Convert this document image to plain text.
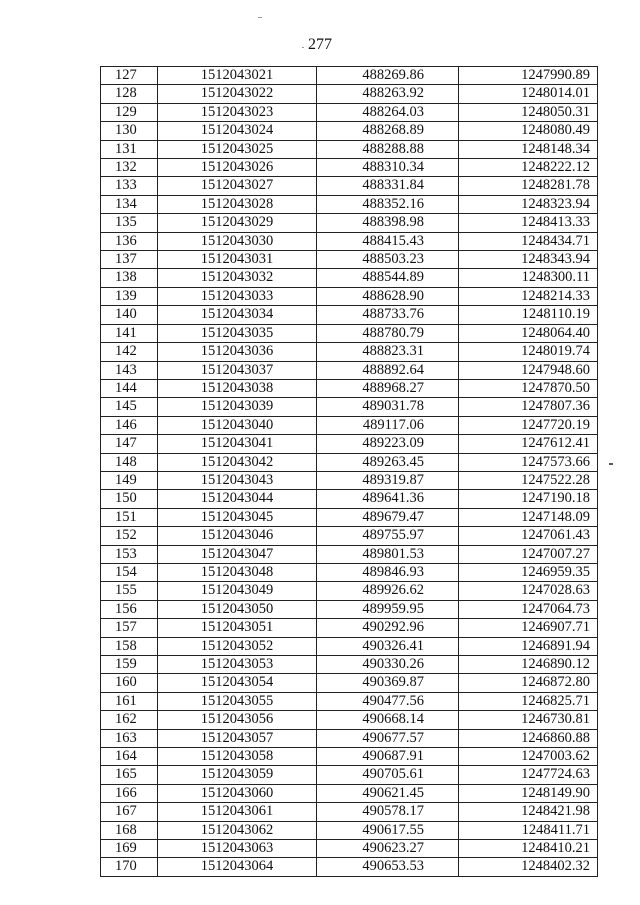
277
127	1512043021	488269.86	1247990.89
128	1512043022	488263.92	1248014.01
129	1512043023	488264.03	1248050.31
130	1512043024	488268.89	1248080.49
131	1512043025	488288.88	1248148.34
132	1512043026	488310.34	1248222.12
133	1512043027	488331.84	1248281.78
134	1512043028	488352.16	1248323.94
135	1512043029	488398.98	1248413.33
136	1512043030	488415.43	1248434.71
137	1512043031	488503.23	1248343.94
138	1512043032	488544.89	1248300.11
139	1512043033	488628.90	1248214.33
140	1512043034	488733.76	1248110.19
141	1512043035	488780.79	1248064.40
142	1512043036	488823.31	1248019.74
143	1512043037	488892.64	1247948.60
144	1512043038	488968.27	1247870.50
145	1512043039	489031.78	1247807.36
146	1512043040	489117.06	1247720.19
147	1512043041	489223.09	1247612.41
148	1512043042	489263.45	1247573.66
149	1512043043	489319.87	1247522.28
150	1512043044	489641.36	1247190.18
151	1512043045	489679.47	1247148.09
152	1512043046	489755.97	1247061.43
153	1512043047	489801.53	1247007.27
154	1512043048	489846.93	1246959.35
155	1512043049	489926.62	1247028.63
156	1512043050	489959.95	1247064.73
157	1512043051	490292.96	1246907.71
158	1512043052	490326.41	1246891.94
159	1512043053	490330.26	1246890.12
160	1512043054	490369.87	1246872.80
161	1512043055	490477.56	1246825.71
162	1512043056	490668.14	1246730.81
163	1512043057	490677.57	1246860.88
164	1512043058	490687.91	1247003.62
165	1512043059	490705.61	1247724.63
166	1512043060	490621.45	1248149.90
167	1512043061	490578.17	1248421.98
168	1512043062	490617.55	1248411.71
169	1512043063	490623.27	1248410.21
170	1512043064	490653.53	1248402.32
